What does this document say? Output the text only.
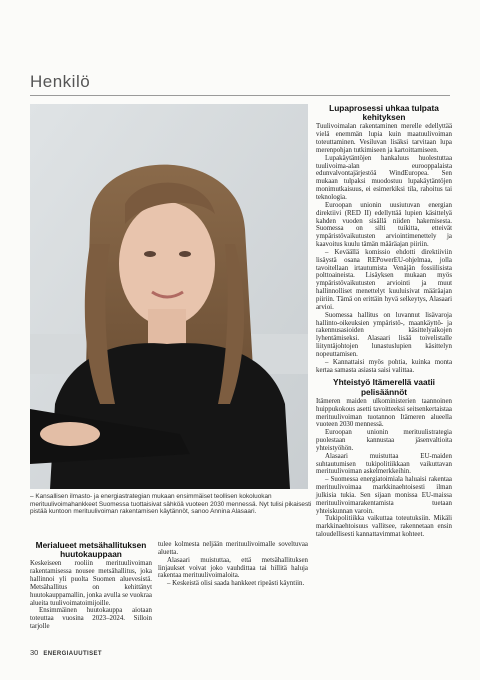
Henkilö
– Kansallisen ilmasto- ja energiastrategian mukaan ensimmäiset teollisen kokoluokan merituulivoimahankkeet Suomessa tuottaisivat sähköä vuoteen 2030 mennessä. Nyt tulisi pikaisesti pistää kuntoon merituulivoiman rakentamisen käytännöt, sanoo Annina Alasaari.
Merialueet metsähallituksen huutokauppaan

Keskeiseen rooliin merituulivoiman rakentamisessa nousee metsähallitus, joka hallinnoi yli puolta Suomen aluevesistä. Metsähallitus on kehittänyt huutokauppamallin, jonka avulla se vuokraa alueita tuulivoimatoimijoille.

Ensimmäinen huutokauppa aiotaan toteuttaa vuosina 2023–2024. Silloin tarjolle

tulee kolmesta neljään merituulivoimalle soveltuvaa aluetta.

Alasaari muistuttaa, että metsähallituksen linjaukset voivat joko vauhdittaa tai hillitä haluja rakentaa merituulivoimaloita.

– Keskeistä olisi saada hankkeet ripeästi käyntiin.

Lupaprosessi uhkaa tulpata kehityksen

Tuulivoimalan rakentaminen merelle edellyttää vielä enemmän lupia kuin maatuulivoiman toteuttaminen. Vesiluvan lisäksi tarvitaan lupa merenpohjan tutkimiseen ja kartoittamiseen.

Lupakäytäntöjen hankaluus huolestuttaa tuulivoima-alan eurooppalaista edunvalvontajärjestöä WindEuropea. Sen mukaan tulpaksi muodostuu lupakäytäntöjen monimutkaisuus, ei esimerkiksi tila, rahoitus tai teknologia.

Euroopan unionin uusiutuvan energian direktiivi (RED II) edellyttää lupien käsittelyä kahden vuoden sisällä niiden hakemisesta. Suomessa on silti tuikitta, etteivät ympäristövaikutusten arviointimenettely ja kaavoitus kuulu tämän määräajan piiriin.

– Keväällä komissio ehdotti direktiiviin lisäystä osana REPowerEU-ohjelmaa, jolla tavoitellaan irtautumista Venäjän fossiilisista polttoaineista. Lisäyksen mukaan myös ympäristövaikutusten arviointi ja muut hallinnolliset menettelyt kuuluisivat määräajan piiriin. Tämä on erittäin hyvä selkeytys, Alasaari arvioi.

Suomessa hallitus on luvannut lisävaroja hallinto-oikeuksien ympäristö-, maankäyttö- ja rakennusasioiden käsittelyaikojen lyhentämiseksi. Alasaari lisää toivelistalle liityntäjohtojen lunastuslupien käsittelyn nopeuttamisen.

– Kannattaisi myös pohtia, kuinka monta kertaa samasta asiasta saisi valittaa.

Yhteistyö Itämerellä vaatii pelisäännöt

Itämeren maiden ulkoministerien taannoinen huippukokous asetti tavoitteeksi seitsenkertaistaa merituulivoiman tuotannon Itämeren alueella vuoteen 2030 mennessä.

Euroopan unionin merituulistrategia puolestaan kannustaa jäsenvaltioita yhteistyöhön.

Alasaari muistuttaa EU-maiden suhtautumisen tukipolitiikkaan vaikuttavan merituulivoiman askelmerkkeihin.

– Suomessa energiatoimiala haluaisi rakentaa merituulivoimaa markkinaehtoisesti ilman julkisia tukia. Sen sijaan monissa EU-maissa merituulivoimarakentamista tuetaan yhteiskunnan varoin.

Tukipolitiikka vaikuttaa toteutuksiin. Mikäli markkinaehtoisuus vallitsee, rakennetaan ensin taloudellisesti kannattavimmat kohteet.

30 ENERGIAUUTISET
